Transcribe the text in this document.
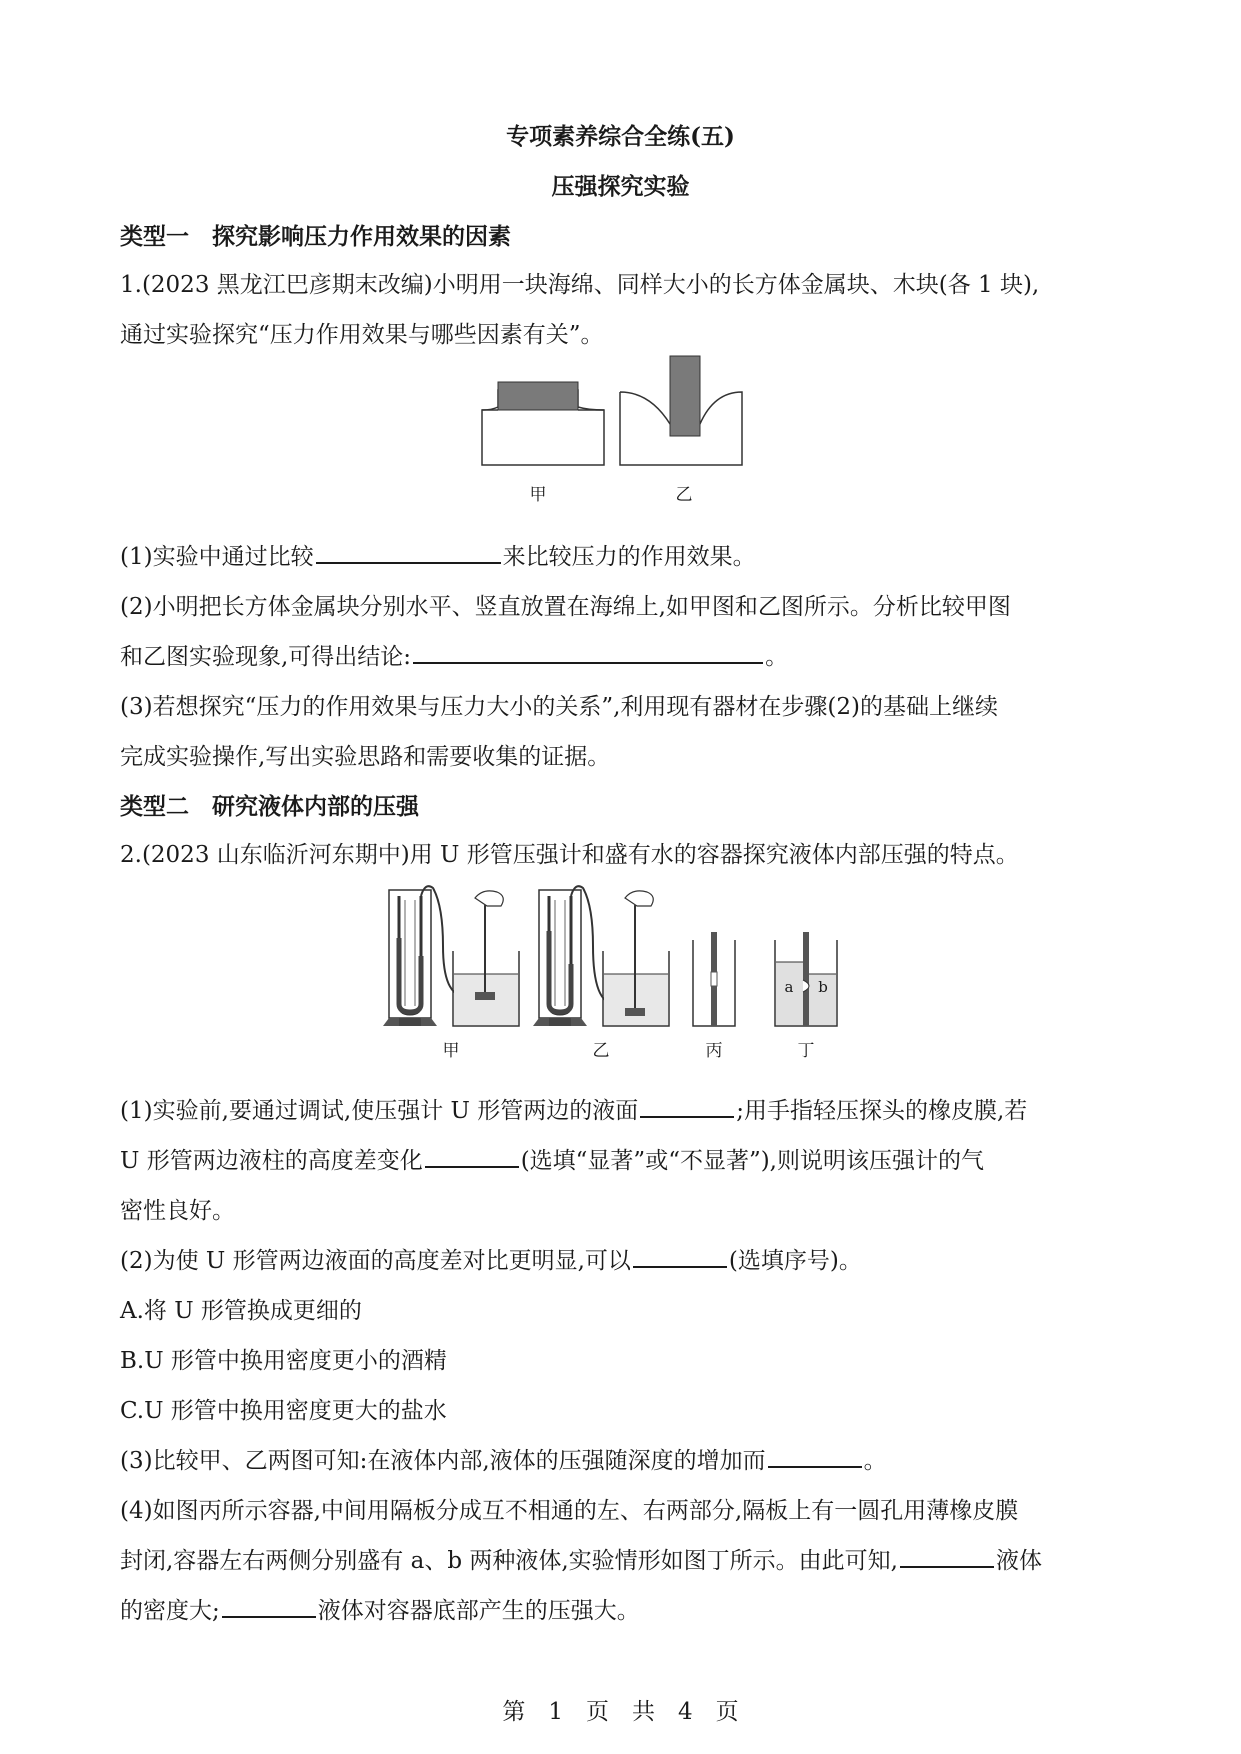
专项素养综合全练(五)
压强探究实验
类型一　探究影响压力作用效果的因素
1.(2023 黑龙江巴彦期末改编)小明用一块海绵、同样大小的长方体金属块、木块(各 1 块),
通过实验探究“压力作用效果与哪些因素有关”。
甲	乙
(1)实验中通过比较	来比较压力的作用效果。
(2)小明把长方体金属块分别水平、竖直放置在海绵上,如甲图和乙图所示。分析比较甲图
和乙图实验现象,可得出结论:	。
(3)若想探究“压力的作用效果与压力大小的关系”,利用现有器材在步骤(2)的基础上继续
完成实验操作,写出实验思路和需要收集的证据。
类型二　研究液体内部的压强
2.(2023 山东临沂河东期中)用 U 形管压强计和盛有水的容器探究液体内部压强的特点。
a b
甲	乙	丙	丁
(1)实验前,要通过调试,使压强计 U 形管两边的液面	;用手指轻压探头的橡皮膜,若
U 形管两边液柱的高度差变化	(选填“显著”或“不显著”),则说明该压强计的气
密性良好。
(2)为使 U 形管两边液面的高度差对比更明显,可以	(选填序号)。
A.将 U 形管换成更细的
B.U 形管中换用密度更小的酒精
C.U 形管中换用密度更大的盐水
(3)比较甲、乙两图可知:在液体内部,液体的压强随深度的增加而	。
(4)如图丙所示容器,中间用隔板分成互不相通的左、右两部分,隔板上有一圆孔用薄橡皮膜
封闭,容器左右两侧分别盛有 a、b 两种液体,实验情形如图丁所示。由此可知,	液体
的密度大;	液体对容器底部产生的压强大。
第　1　页　共　4　页
